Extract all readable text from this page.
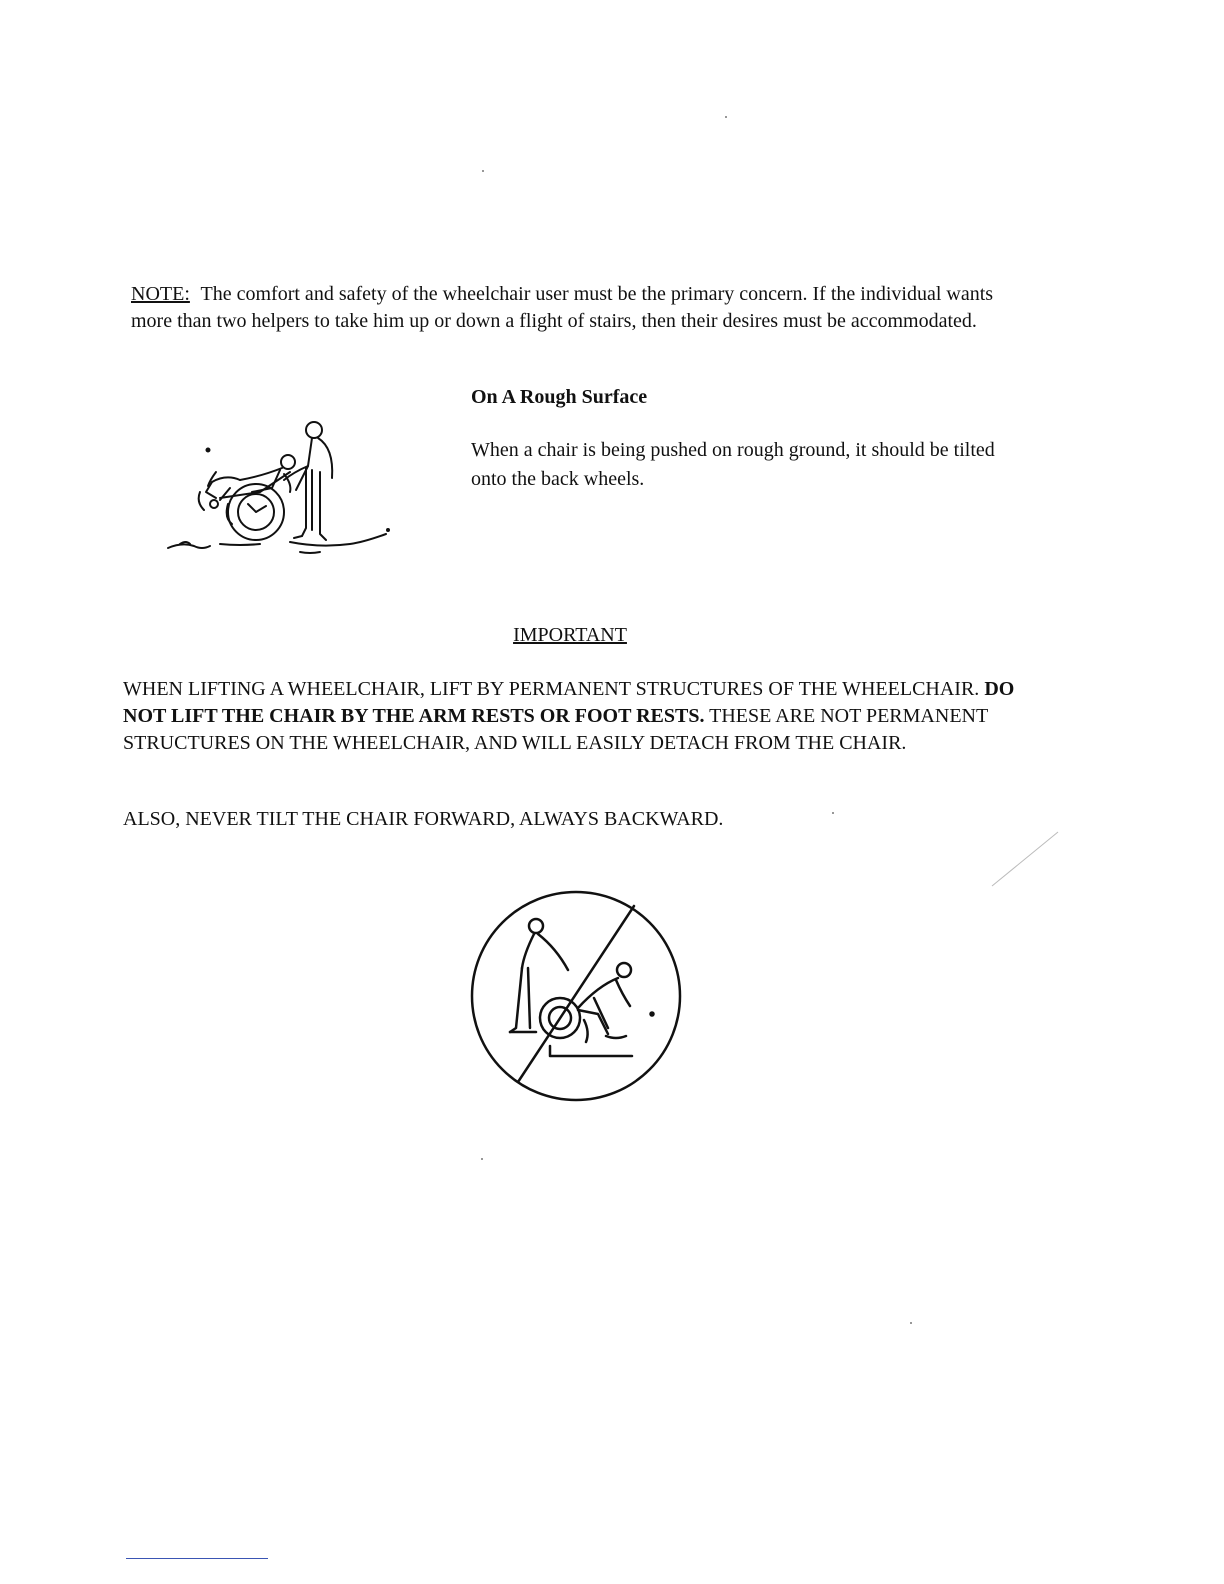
NOTE: The comfort and safety of the wheelchair user must be the primary concern. If the individual wants more than two helpers to take him up or down a flight of stairs, then their desires must be accommodated.
On A Rough Surface
When a chair is being pushed on rough ground, it should be tilted onto the back wheels.
IMPORTANT
WHEN LIFTING A WHEELCHAIR, LIFT BY PERMANENT STRUCTURES OF THE WHEELCHAIR. DO NOT LIFT THE CHAIR BY THE ARM RESTS OR FOOT RESTS. THESE ARE NOT PERMANENT STRUCTURES ON THE WHEELCHAIR, AND WILL EASILY DETACH FROM THE CHAIR.
ALSO, NEVER TILT THE CHAIR FORWARD, ALWAYS BACKWARD.
